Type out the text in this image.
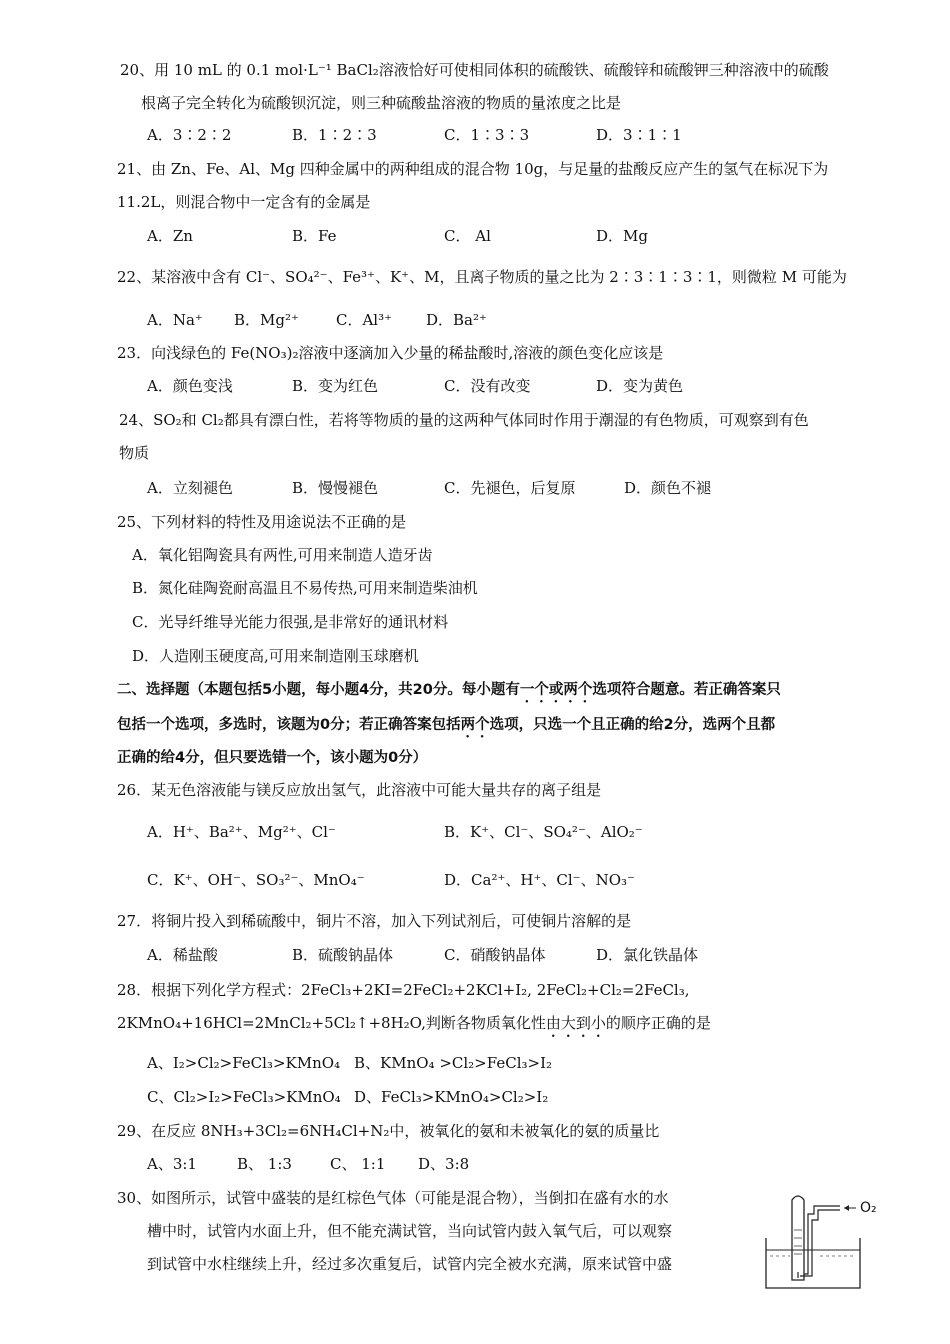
20、用 10 mL 的 0.1 mol·L⁻¹ BaCl₂溶液恰好可使相同体积的硫酸铁、硫酸锌和硫酸钾三种溶液中的硫酸
根离子完全转化为硫酸钡沉淀，则三种硫酸盐溶液的物质的量浓度之比是
A．3∶2∶2	B．1∶2∶3	C．1∶3∶3	D．3∶1∶1
21、由 Zn、Fe、Al、Mg 四种金属中的两种组成的混合物 10g，与足量的盐酸反应产生的氢气在标况下为
11.2L，则混合物中一定含有的金属是
A．Zn	B．Fe	C． Al	D．Mg
22、某溶液中含有 Cl⁻、SO₄²⁻、Fe³⁺、K⁺、M，且离子物质的量之比为 2∶3∶1∶3∶1，则微粒 M 可能为
A．Na⁺ B．Mg²⁺ C．Al³⁺ D．Ba²⁺
23．向浅绿色的 Fe(NO₃)₂溶液中逐滴加入少量的稀盐酸时,溶液的颜色变化应该是
A．颜色变浅	B．变为红色	C．没有改变	D．变为黄色
24、SO₂和 Cl₂都具有漂白性，若将等物质的量的这两种气体同时作用于潮湿的有色物质，可观察到有色
物质
A．立刻褪色	B．慢慢褪色	C．先褪色，后复原	D．颜色不褪
25、下列材料的特性及用途说法不正确的是
A．氧化铝陶瓷具有两性,可用来制造人造牙齿
B．氮化硅陶瓷耐高温且不易传热,可用来制造柴油机
C．光导纤维导光能力很强,是非常好的通讯材料
D．人造刚玉硬度高,可用来制造刚玉球磨机
二、选择题（本题包括5小题，每小题4分，共20分。每小题有一个或两个选项符合题意。若正确答案只
包括一个选项，多选时，该题为0分；若正确答案包括两个选项，只选一个且正确的给2分，选两个且都
正确的给4分，但只要选错一个，该小题为0分）
26．某无色溶液能与镁反应放出氢气，此溶液中可能大量共存的离子组是
A．H⁺、Ba²⁺、Mg²⁺、Cl⁻	B．K⁺、Cl⁻、SO₄²⁻、AlO₂⁻
C．K⁺、OH⁻、SO₃²⁻、MnO₄⁻	D．Ca²⁺、H⁺、Cl⁻、NO₃⁻
27．将铜片投入到稀硫酸中，铜片不溶，加入下列试剂后，可使铜片溶解的是
A．稀盐酸	B．硫酸钠晶体	C．硝酸钠晶体	D．氯化铁晶体
28．根据下列化学方程式：2FeCl₃+2KI=2FeCl₂+2KCl+I₂, 2FeCl₂+Cl₂=2FeCl₃,
2KMnO₄+16HCl=2MnCl₂+5Cl₂↑+8H₂O,判断各物质氧化性由大到小的顺序正确的是
A、I₂>Cl₂>FeCl₃>KMnO₄ B、KMnO₄ >Cl₂>FeCl₃>I₂
C、Cl₂>I₂>FeCl₃>KMnO₄ D、FeCl₃>KMnO₄>Cl₂>I₂
29、在反应 8NH₃+3Cl₂=6NH₄Cl+N₂中，被氧化的氨和未被氧化的氨的质量比
A、3:1	B、 1:3	C、 1:1 D、3:8
30、如图所示，试管中盛装的是红棕色气体（可能是混合物），当倒扣在盛有水的水
槽中时，试管内水面上升，但不能充满试管，当向试管内鼓入氧气后，可以观察
到试管中水柱继续上升，经过多次重复后，试管内完全被水充满，原来试管中盛
O₂
